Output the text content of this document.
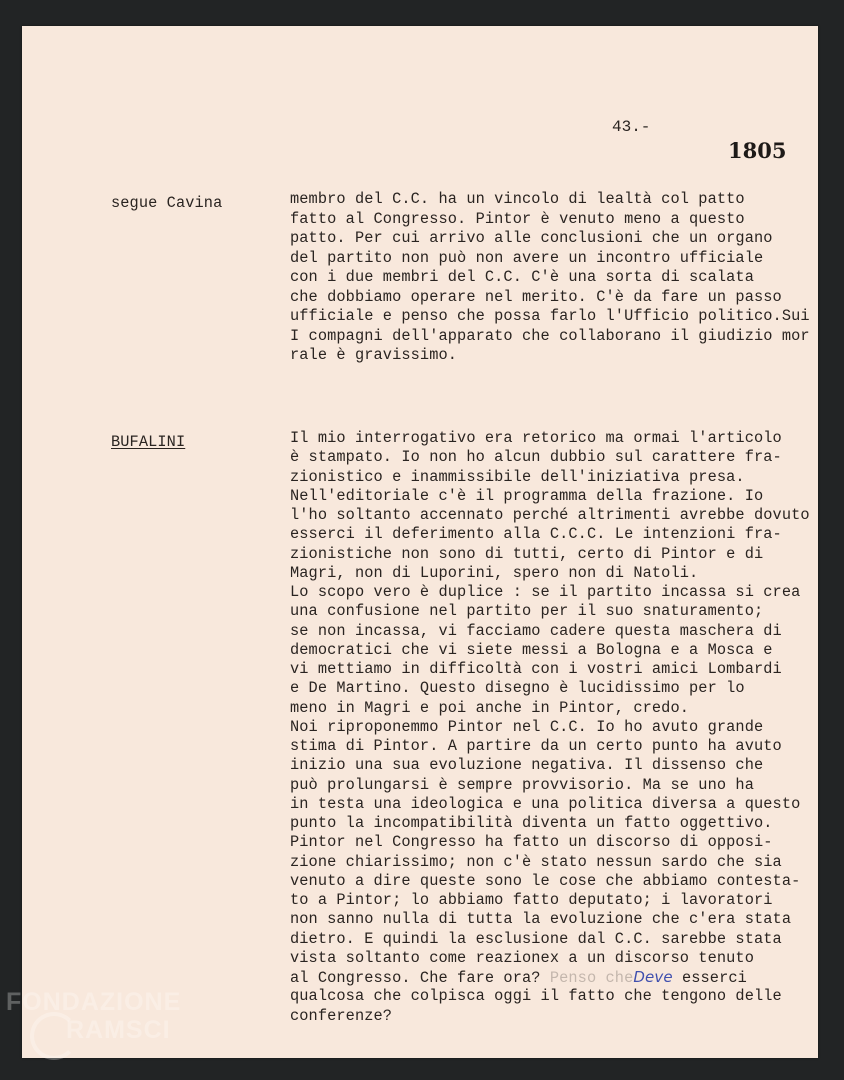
43.-
1805
segue Cavina	membro del C.C. ha un vincolo di lealtà col patto
fatto al Congresso. Pintor è venuto meno a questo
patto. Per cui arrivo alle conclusioni che un organo
del partito non può non avere un incontro ufficiale
con i due membri del C.C. C'è una sorta di scalata
che dobbiamo operare nel merito. C'è da fare un passo
ufficiale e penso che possa farlo l'Ufficio politico.Sui
I compagni dell'apparato che collaborano il giudizio mor
rale è gravissimo.
BUFALINI	Il mio interrogativo era retorico ma ormai l'articolo
è stampato. Io non ho alcun dubbio sul carattere fra-
zionistico e inammissibile dell'iniziativa presa.
Nell'editoriale c'è il programma della frazione. Io
l'ho soltanto accennato perché altrimenti avrebbe dovuto
esserci il deferimento alla C.C.C. Le intenzioni fra-
zionistiche non sono di tutti, certo di Pintor e di
Magri, non di Luporini, spero non di Natoli.
Lo scopo vero è duplice : se il partito incassa si crea
una confusione nel partito per il suo snaturamento;
se non incassa, vi facciamo cadere questa maschera di
democratici che vi siete messi a Bologna e a Mosca e
vi mettiamo in difficoltà con i vostri amici Lombardi
e De Martino. Questo disegno è lucidissimo per lo
meno in Magri e poi anche in Pintor, credo.
Noi riproponemmo Pintor nel C.C. Io ho avuto grande
stima di Pintor. A partire da un certo punto ha avuto
inizio una sua evoluzione negativa. Il dissenso che
può prolungarsi è sempre provvisorio. Ma se uno ha
in testa una ideologica e una politica diversa a questo
punto la incompatibilità diventa un fatto oggettivo.
Pintor nel Congresso ha fatto un discorso di opposi-
zione chiarissimo; non c'è stato nessun sardo che sia
venuto a dire queste sono le cose che abbiamo contesta-
to a Pintor; lo abbiamo fatto deputato; i lavoratori
non sanno nulla di tutta la evoluzione che c'era stata
dietro. E quindi la esclusione dal C.C. sarebbe stata
vista soltanto come reazionex a un discorso tenuto
al Congresso. Che fare ora? Penso cheDeve esserci
qualcosa che colpisca oggi il fatto che tengono delle
conferenze?
FONDAZIONE
RAMSCI
